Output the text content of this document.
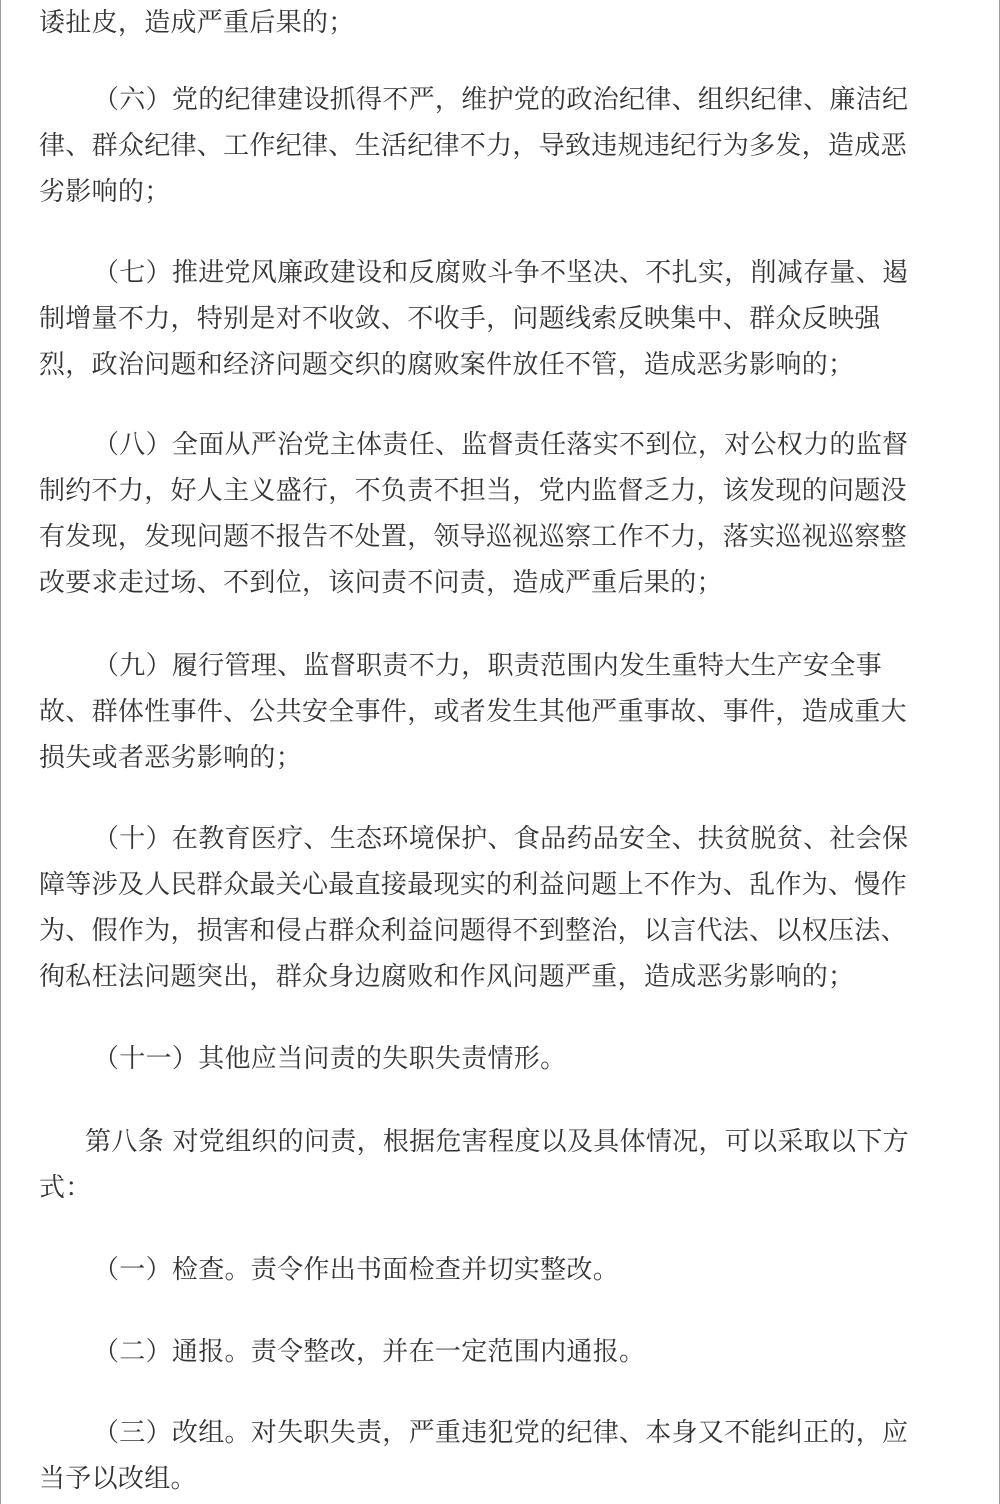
诿扯皮，造成严重后果的；
（六）党的纪律建设抓得不严，维护党的政治纪律、组织纪律、廉洁纪
律、群众纪律、工作纪律、生活纪律不力，导致违规违纪行为多发，造成恶
劣影响的；
（七）推进党风廉政建设和反腐败斗争不坚决、不扎实，削减存量、遏
制增量不力，特别是对不收敛、不收手，问题线索反映集中、群众反映强
烈，政治问题和经济问题交织的腐败案件放任不管，造成恶劣影响的；
（八）全面从严治党主体责任、监督责任落实不到位，对公权力的监督
制约不力，好人主义盛行，不负责不担当，党内监督乏力，该发现的问题没
有发现，发现问题不报告不处置，领导巡视巡察工作不力，落实巡视巡察整
改要求走过场、不到位，该问责不问责，造成严重后果的；
（九）履行管理、监督职责不力，职责范围内发生重特大生产安全事
故、群体性事件、公共安全事件，或者发生其他严重事故、事件，造成重大
损失或者恶劣影响的；
（十）在教育医疗、生态环境保护、食品药品安全、扶贫脱贫、社会保
障等涉及人民群众最关心最直接最现实的利益问题上不作为、乱作为、慢作
为、假作为，损害和侵占群众利益问题得不到整治，以言代法、以权压法、
徇私枉法问题突出，群众身边腐败和作风问题严重，造成恶劣影响的；
（十一）其他应当问责的失职失责情形。
第八条 对党组织的问责，根据危害程度以及具体情况，可以采取以下方
式：
（一）检查。责令作出书面检查并切实整改。
（二）通报。责令整改，并在一定范围内通报。
（三）改组。对失职失责，严重违犯党的纪律、本身又不能纠正的，应
当予以改组。
